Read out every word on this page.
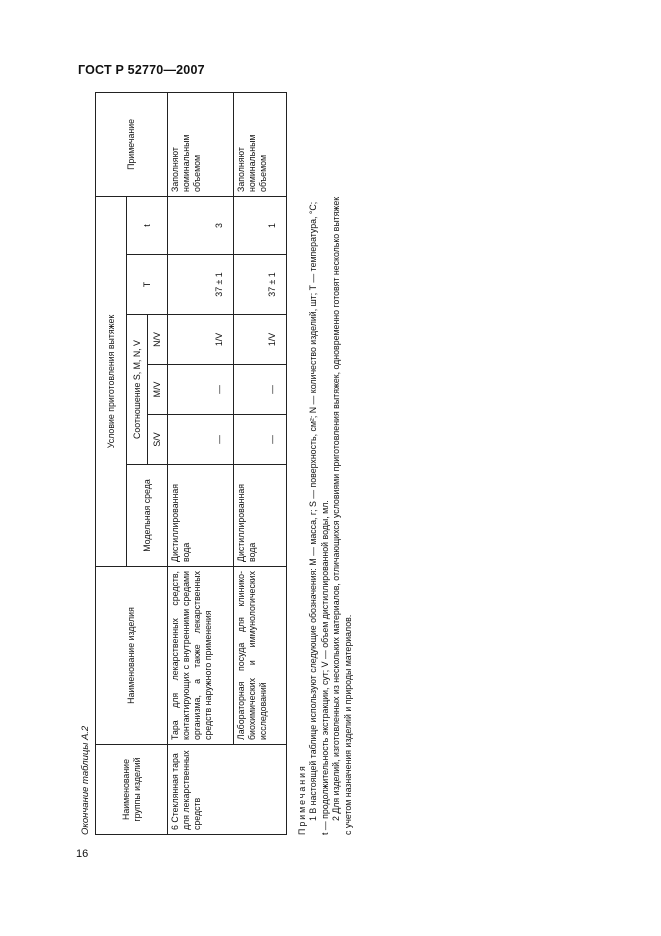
ГОСТ Р 52770—2007
16
Окончание таблицы А.2	Наименование группы изделий	Наименование изделия	Условие приготовления вытяжек						Примечание
		Модельная среда	Соотношение S, M, N, V			T	t	
			S/V	M/V	N/V			
6 Стеклянная тара для лекарственных средств	Тара для лекарственных средств, контактирующих с внутренними средами организма, а также лекарственных средств наружного применения	Дистиллированная вода	—	—	1/V	37 ± 1	3	Заполняют номинальным объемом
	Лабораторная посуда для клинико-биохимических и иммунологических исследований	Дистиллированная вода	—	—	1/V	37 ± 1	1	Заполняют номинальным объемом

Примечания 1 В настоящей таблице используют следующие обозначения: М — масса, г; S — поверхность, см²; N — количество изделий, шт; Т — температура, °С; t — продолжительность экстракции, сут; V — объем дистиллированной воды, мл. 2 Для изделий, изготовленных из нескольких материалов, отличающихся условиями приготовления вытяжек, одновременно готовят несколько вытяжек с учетом назначения изделий и природы материалов.
